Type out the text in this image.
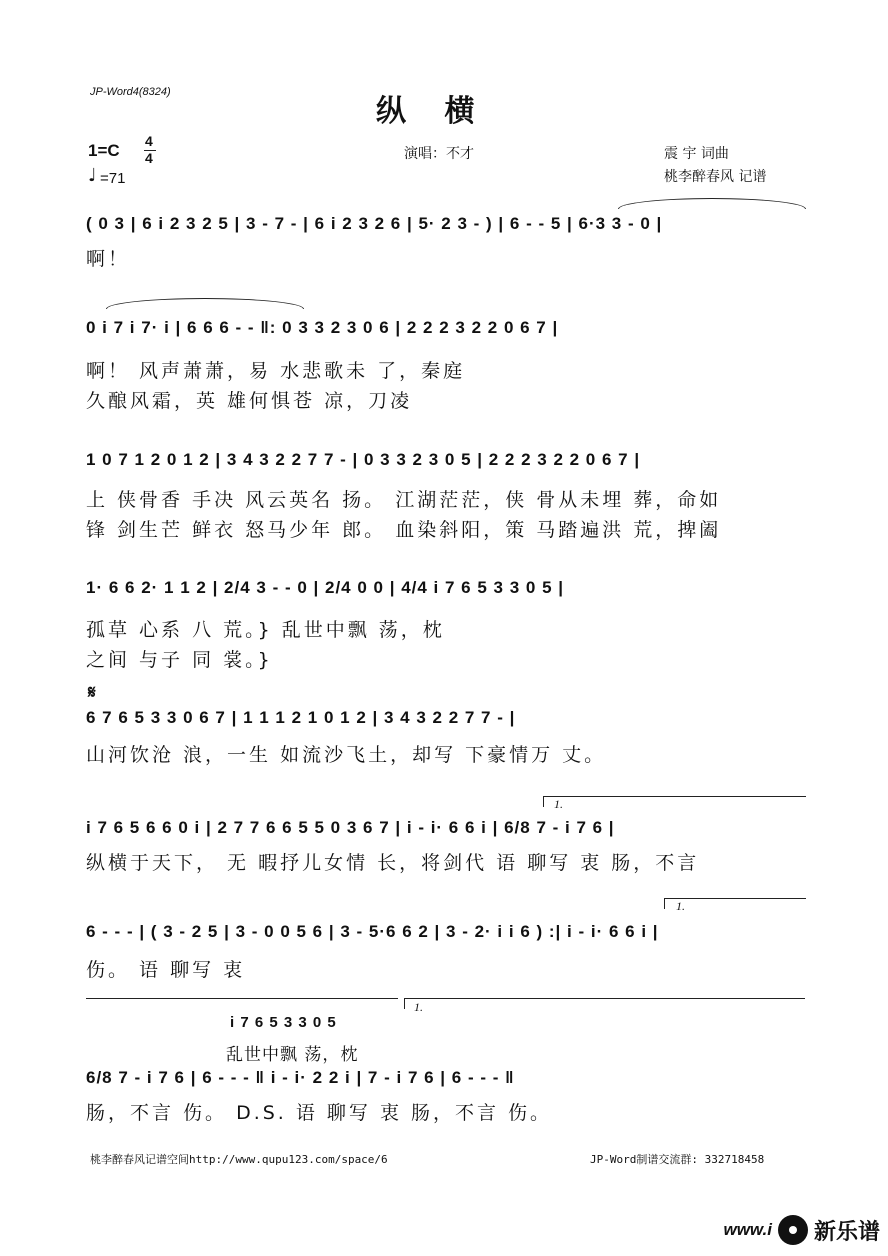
JP-Word4(8324)
纵 横
1=C 4
4
♩ =71
演唱：不才	震 宇 词曲
桃李醉春风 记谱
( 0 3 | 6 i 2 3 2 5 | 3 - 7 - | 6 i 2 3 2 6 | 5· 2 3 - ) | 6 - - 5 | 6·3 3 - 0 |
啊！
0 i 7 i 7· i | 6 6 6 - - ‖: 0 3 3 2 3 0 6 | 2 2 2 3 2 2 0 6 7 |
啊！ 风声萧萧，易 水悲歌未 了，秦庭
久酿风霜，英 雄何惧苍 凉，刀凌
1 0 7 1 2 0 1 2 | 3 4 3 2 2 7 7 - | 0 3 3 2 3 0 5 | 2 2 2 3 2 2 0 6 7 |
上 侠骨香 手决 风云英名 扬。 江湖茫茫，侠 骨从未埋 葬，命如
锋 剑生芒 鲜衣 怒马少年 郎。 血染斜阳，策 马踏遍洪 荒，捭阖
1· 6 6 2· 1 1 2 | 2/4 3 - - 0 | 2/4 0 0 | 4/4 i 7 6 5 3 3 0 5 |
孤草 心系 八 荒。} 乱世中飘 荡，枕
之间 与子 同 裳。}
𝄋
6 7 6 5 3 3 0 6 7 | 1 1 1 2 1 0 1 2 | 3 4 3 2 2 7 7 - |
山河饮沧 浪，一生 如流沙飞土，却写 下豪情万 丈。
1.
i 7 6 5 6 6 0 i | 2 7 7 6 6 5 5 0 3 6 7 | i - i· 6 6 i | 6/8 7 - i 7 6 |
纵横于天下， 无 暇抒儿女情 长，将剑代 语 聊写 衷 肠，不言
1.
6 - - - | ( 3 - 2 5 | 3 - 0 0 5 6 | 3 - 5·6 6 2 | 3 - 2· i i 6 ) :| i - i· 6 6 i |
伤。 语 聊写 衷
1.
i 7 6 5 3 3 0 5
乱世中飘 荡，枕
6/8 7 - i 7 6 | 6 - - - ‖ i - i· 2 2 i | 7 - i 7 6 | 6 - - - ‖
肠，不言 伤。 D.S. 语 聊写 衷 肠，不言 伤。
桃李醉春风记谱空间http://www.qupu123.com/space/6	JP-Word制谱交流群: 332718458
www.i 新乐谱
